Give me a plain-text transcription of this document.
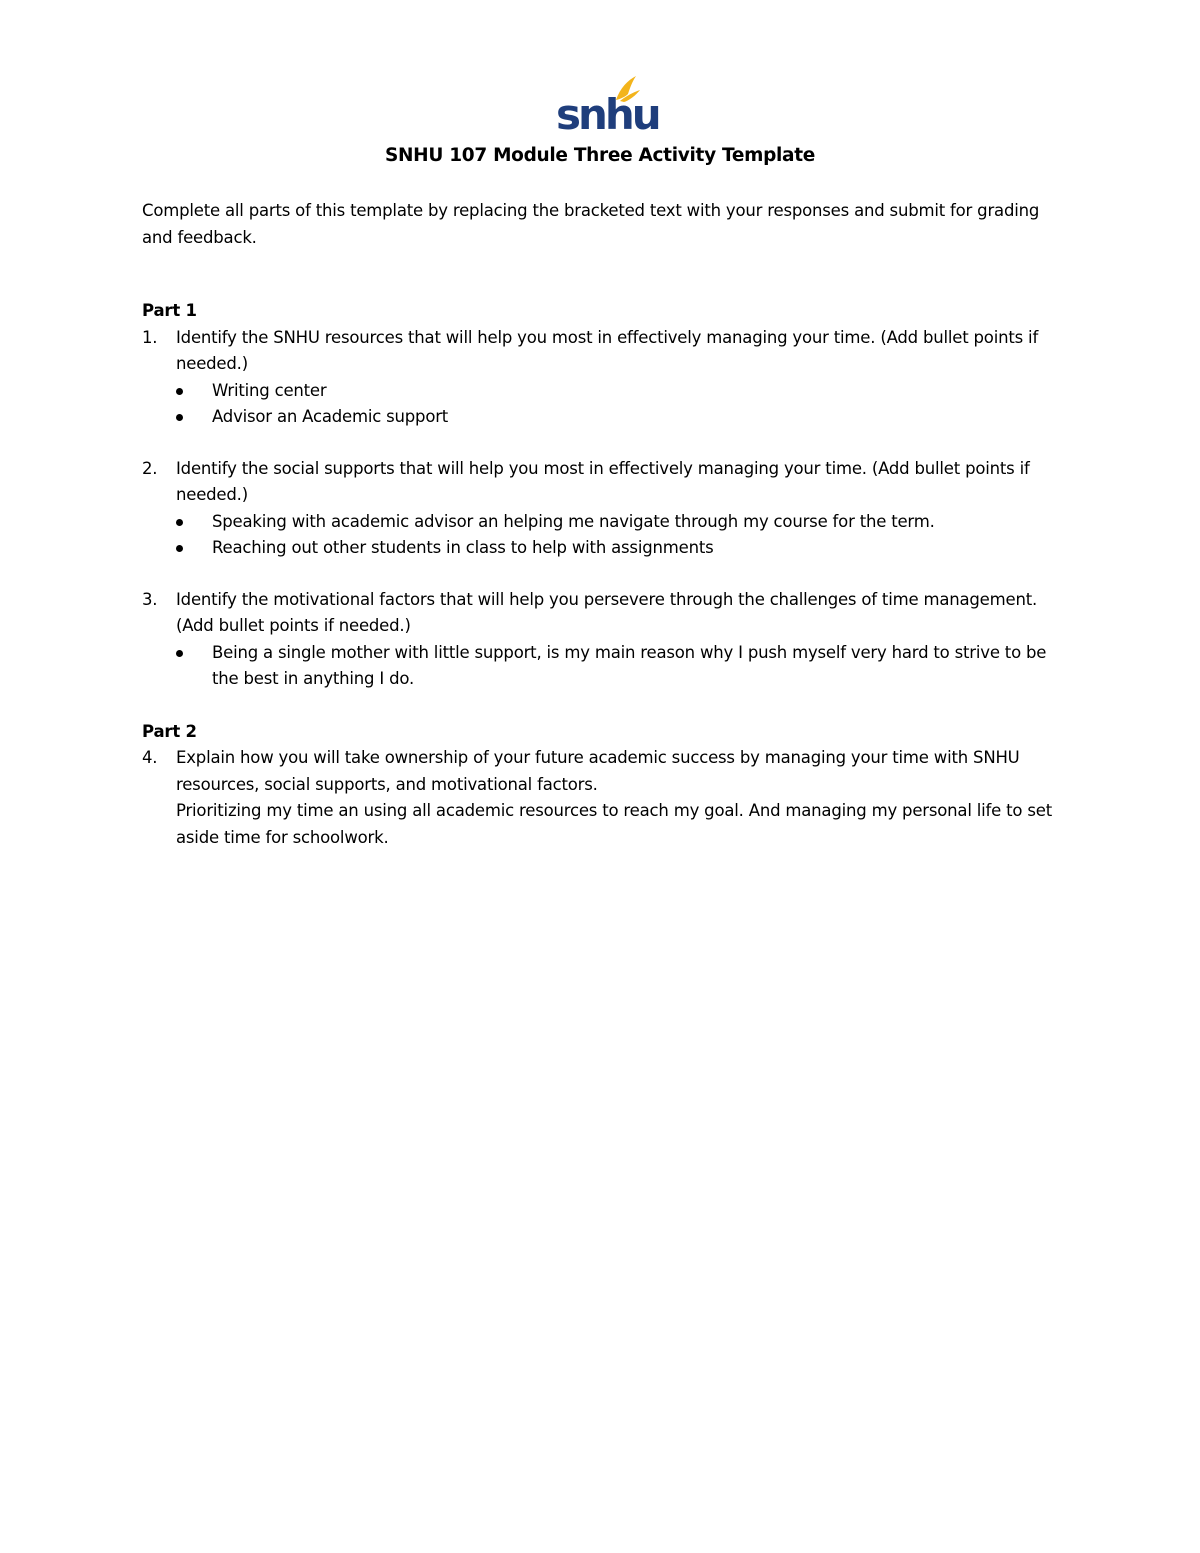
snhu
SNHU 107 Module Three Activity Template

Complete all parts of this template by replacing the bracketed text with your responses and submit for grading and feedback.

Part 1

1. Identify the SNHU resources that will help you most in effectively managing your time. (Add bullet points if needed.)
Writing center
Advisor an Academic support
2. Identify the social supports that will help you most in effectively managing your time. (Add bullet points if needed.)
Speaking with academic advisor an helping me navigate through my course for the term.
Reaching out other students in class to help with assignments
3. Identify the motivational factors that will help you persevere through the challenges of time management. (Add bullet points if needed.)
Being a single mother with little support, is my main reason why I push myself very hard to strive to be the best in anything I do.

Part 2

4. Explain how you will take ownership of your future academic success by managing your time with SNHU resources, social supports, and motivational factors.
Prioritizing my time an using all academic resources to reach my goal. And managing my personal life to set aside time for schoolwork.
